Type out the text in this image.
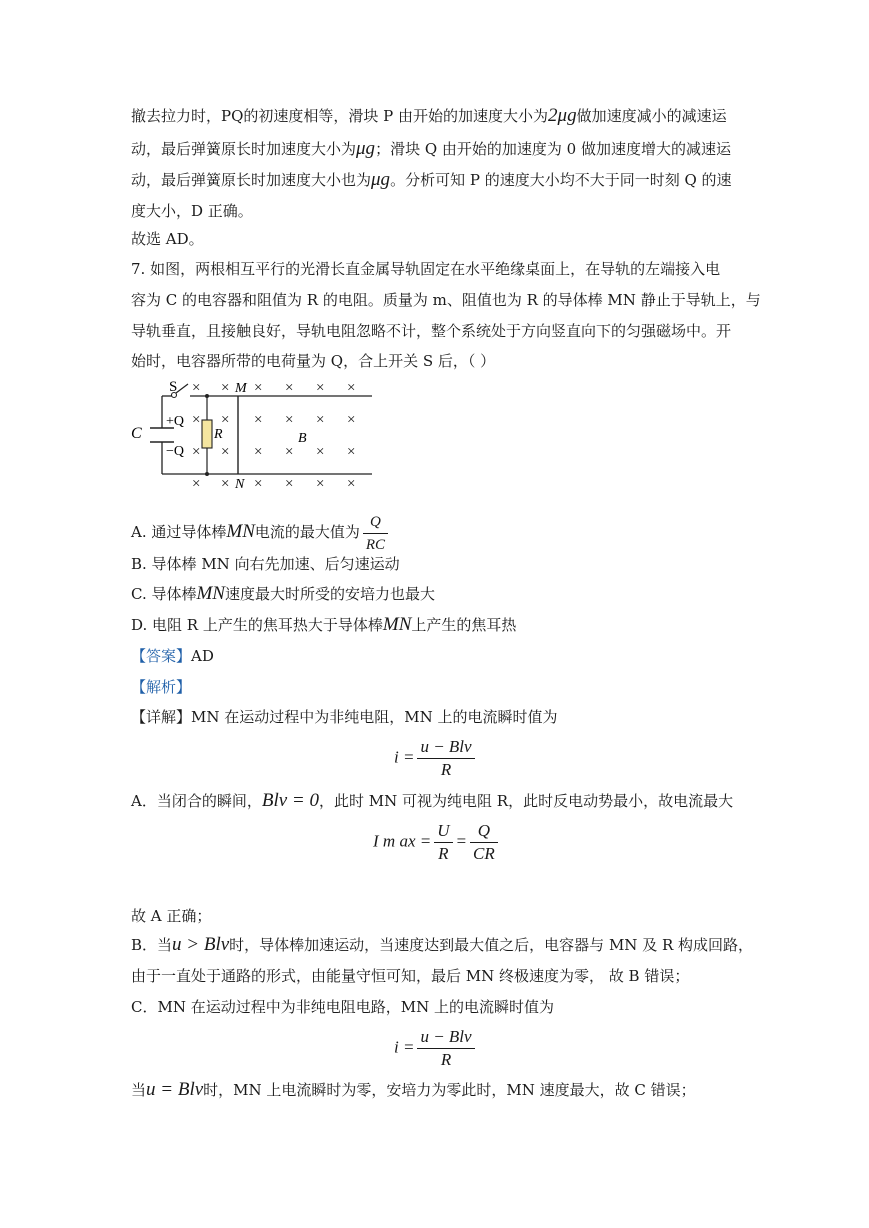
撤去拉力时，PQ的初速度相等，滑块 P 由开始的加速度大小为2μg做加速度减小的减速运
动，最后弹簧原长时加速度大小为μg；滑块 Q 由开始的加速度为 0 做加速度增大的减速运
动，最后弹簧原长时加速度大小也为μg。分析可知 P 的速度大小均不大于同一时刻 Q 的速
度大小，D 正确。
故选 AD。
7. 如图，两根相互平行的光滑长直金属导轨固定在水平绝缘桌面上，在导轨的左端接入电
容为 C 的电容器和阻值为 R 的电阻。质量为 m、阻值也为 R 的导体棒 MN 静止于导轨上，与
导轨垂直，且接触良好，导轨电阻忽略不计，整个系统处于方向竖直向下的匀强磁场中。开
始时，电容器所带的电荷量为 Q，合上开关 S 后，（ ）
S
+Q
−Q
C	R	B
M
N
× × × × × ×
× × × × × ×
× × × × × ×
× × × × × ×
A. 通过导体棒MN电流的最大值为 $\frac{Q}{RC}$
B. 导体棒 MN 向右先加速、后匀速运动
C. 导体棒MN速度最大时所受的安培力也最大
D. 电阻 R 上产生的焦耳热大于导体棒MN上产生的焦耳热
【答案】AD
【解析】
【详解】MN 在运动过程中为非纯电阻，MN 上的电流瞬时值为
$i = \frac{\text{u − Blv}}{R}$
A．当闭合的瞬间，Blv = 0，此时 MN 可视为纯电阻 R，此时反电动势最小，故电流最大
I m ax = $\frac{U}{R} = \frac{Q}{CR}$
故 A 正确；
B．当u > Blv时，导体棒加速运动，当速度达到最大值之后，电容器与 MN 及 R 构成回路，
由于一直处于通路的形式，由能量守恒可知，最后 MN 终极速度为零， 故 B 错误；
C．MN 在运动过程中为非纯电阻电路，MN 上的电流瞬时值为
$i = \frac{\text{u − Blv}}{R}$
当u = Blv时，MN 上电流瞬时为零，安培力为零此时，MN 速度最大，故 C 错误；
